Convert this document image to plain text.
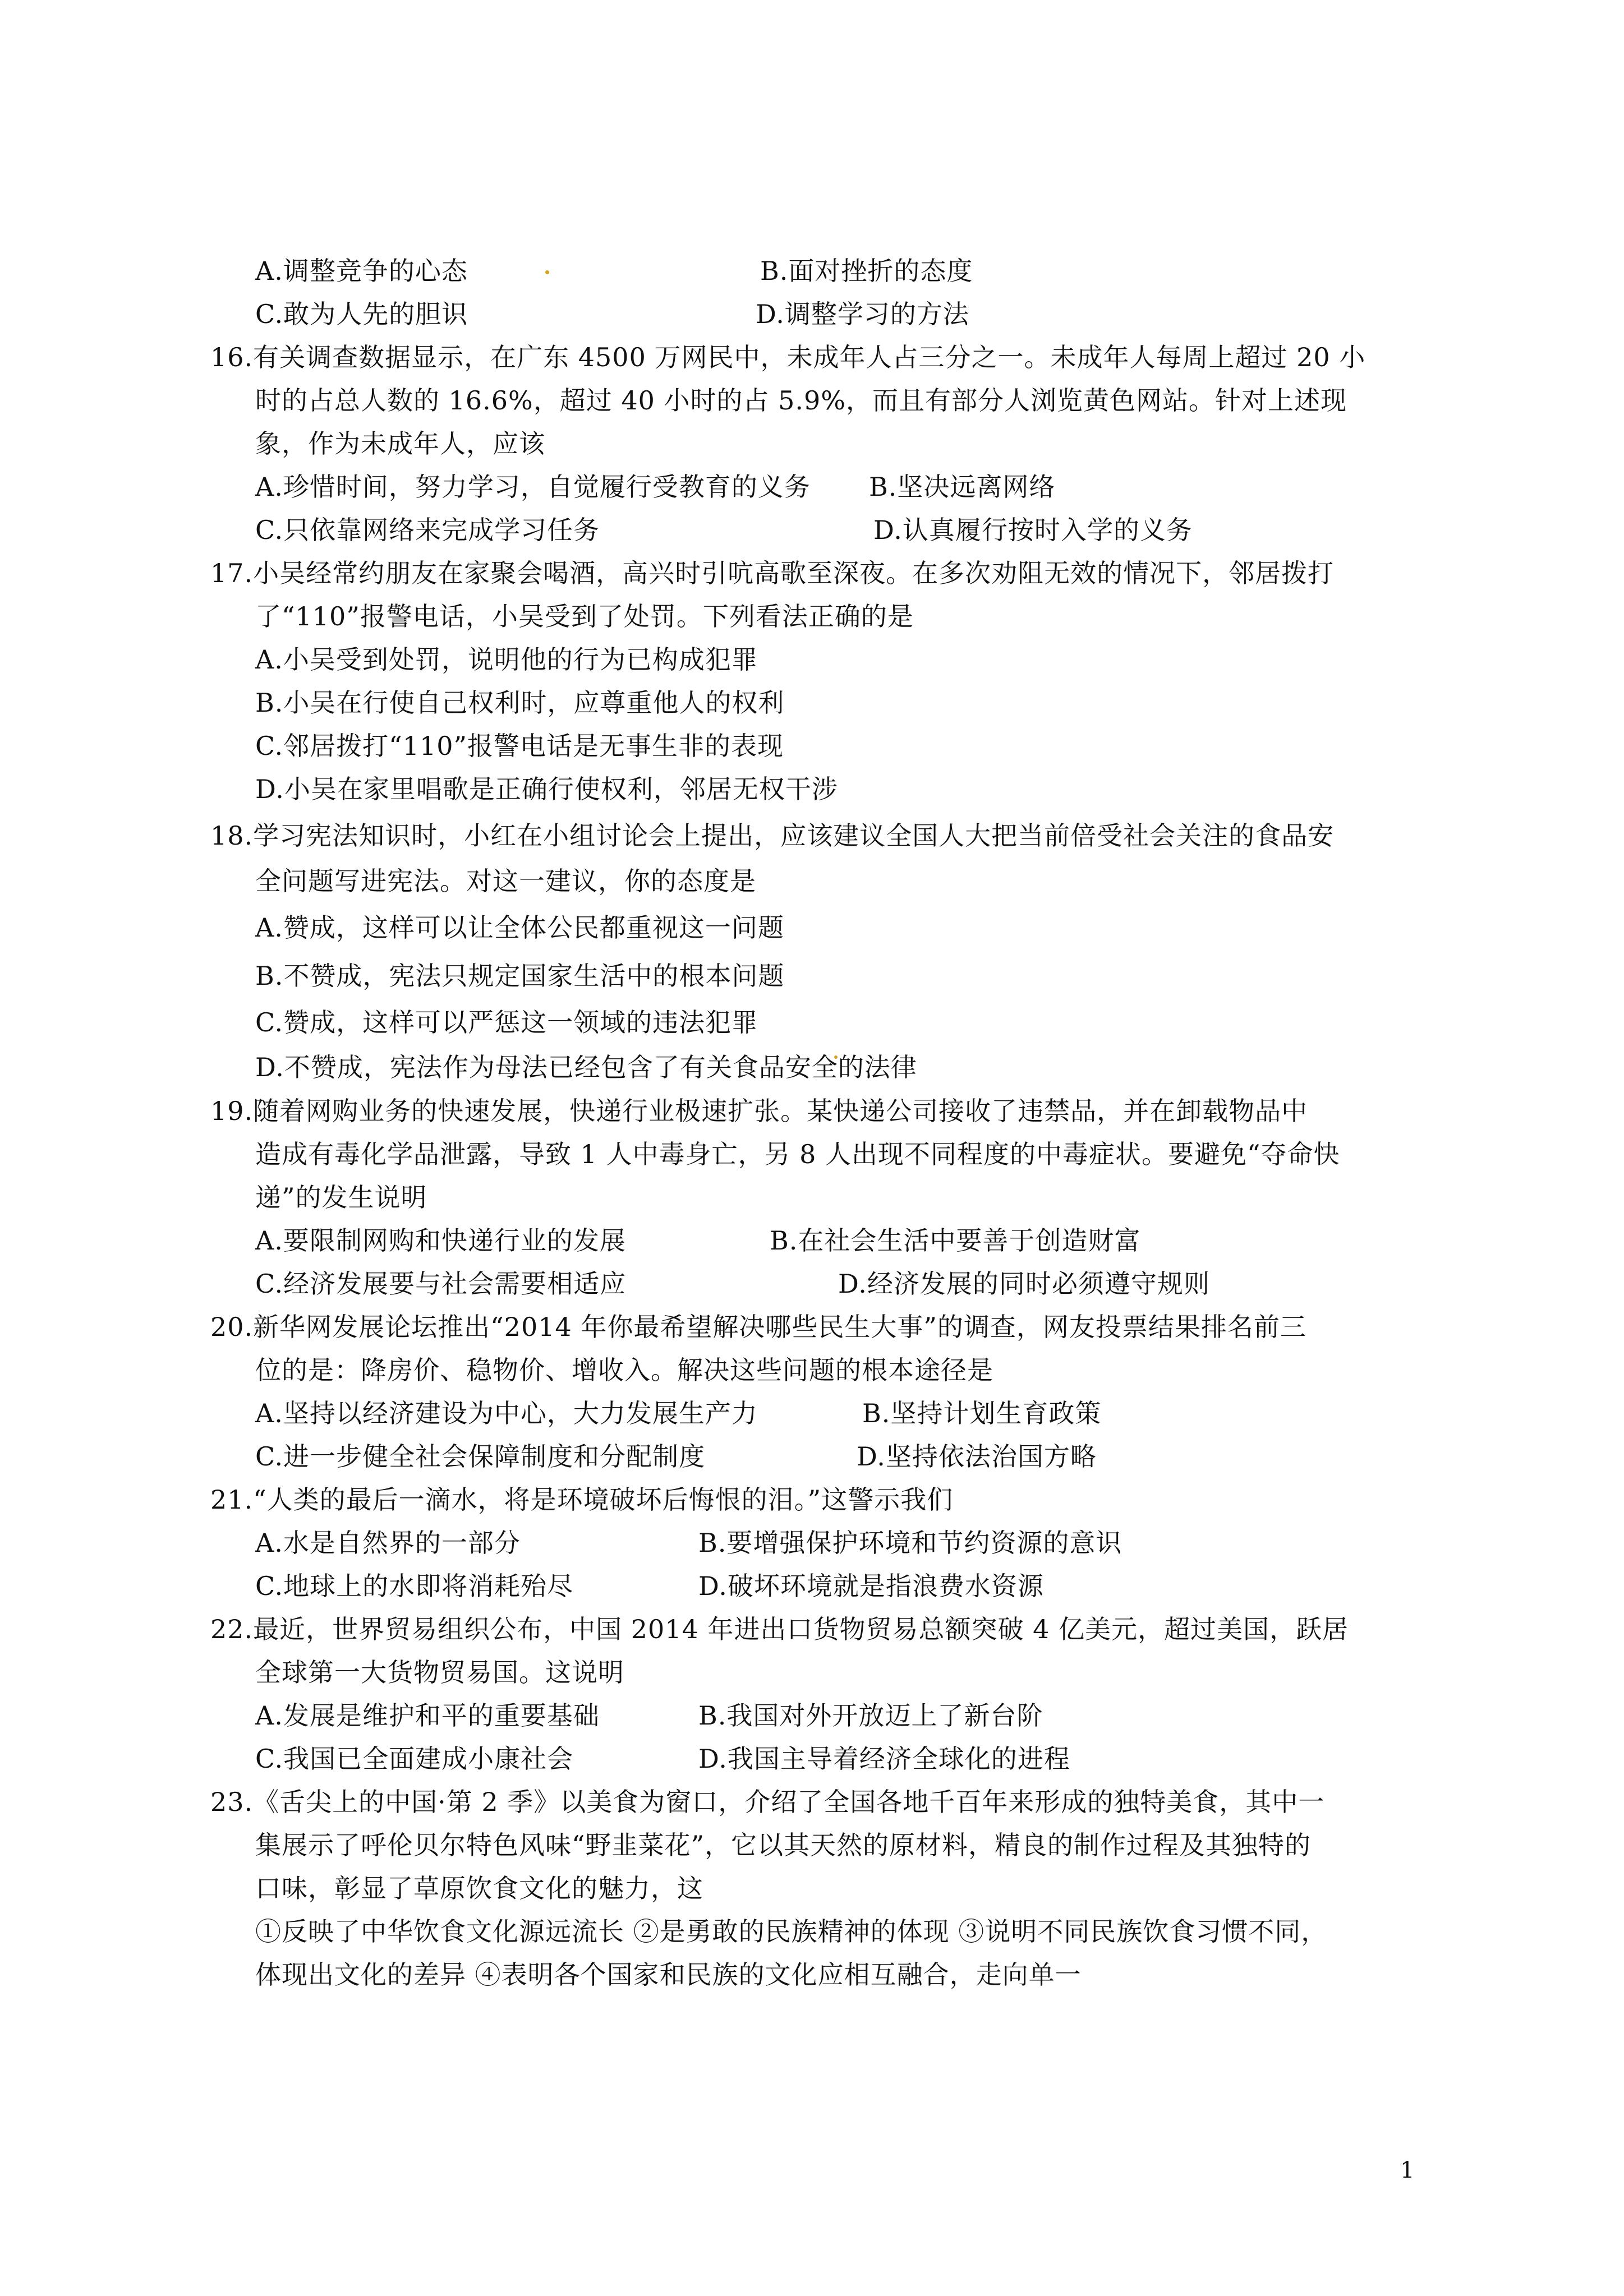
A.调整竞争的心态	B.面对挫折的态度
C.敢为人先的胆识	D.调整学习的方法
16.有关调查数据显示，在广东 4500 万网民中，未成年人占三分之一。未成年人每周上超过 20 小
时的占总人数的 16.6%，超过 40 小时的占 5.9%，而且有部分人浏览黄色网站。针对上述现
象，作为未成年人，应该
A.珍惜时间，努力学习，自觉履行受教育的义务 B.坚决远离网络
C.只依靠网络来完成学习任务	D.认真履行按时入学的义务
17.小吴经常约朋友在家聚会喝酒，高兴时引吭高歌至深夜。在多次劝阻无效的情况下，邻居拨打
了“110”报警电话，小吴受到了处罚。下列看法正确的是
A.小吴受到处罚，说明他的行为已构成犯罪
B.小吴在行使自己权利时，应尊重他人的权利
C.邻居拨打“110”报警电话是无事生非的表现
D.小吴在家里唱歌是正确行使权利，邻居无权干涉
18.学习宪法知识时，小红在小组讨论会上提出，应该建议全国人大把当前倍受社会关注的食品安
全问题写进宪法。对这一建议，你的态度是
A.赞成，这样可以让全体公民都重视这一问题
B.不赞成，宪法只规定国家生活中的根本问题
C.赞成，这样可以严惩这一领域的违法犯罪
D.不赞成，宪法作为母法已经包含了有关食品安全的法律
19.随着网购业务的快速发展，快递行业极速扩张。某快递公司接收了违禁品，并在卸载物品中
造成有毒化学品泄露，导致 1 人中毒身亡，另 8 人出现不同程度的中毒症状。要避免“夺命快
递”的发生说明
A.要限制网购和快递行业的发展	B.在社会生活中要善于创造财富
C.经济发展要与社会需要相适应	D.经济发展的同时必须遵守规则
20.新华网发展论坛推出“2014 年你最希望解决哪些民生大事”的调查，网友投票结果排名前三
位的是：降房价、稳物价、增收入。解决这些问题的根本途径是
A.坚持以经济建设为中心，大力发展生产力	B.坚持计划生育政策
C.进一步健全社会保障制度和分配制度	D.坚持依法治国方略
21.“人类的最后一滴水，将是环境破坏后悔恨的泪。”这警示我们
A.水是自然界的一部分	B.要增强保护环境和节约资源的意识
C.地球上的水即将消耗殆尽	D.破坏环境就是指浪费水资源
22.最近，世界贸易组织公布，中国 2014 年进出口货物贸易总额突破 4 亿美元，超过美国，跃居
全球第一大货物贸易国。这说明
A.发展是维护和平的重要基础	B.我国对外开放迈上了新台阶
C.我国已全面建成小康社会	D.我国主导着经济全球化的进程
23.《舌尖上的中国·第 2 季》以美食为窗口，介绍了全国各地千百年来形成的独特美食，其中一
集展示了呼伦贝尔特色风味“野韭菜花”，它以其天然的原材料，精良的制作过程及其独特的
口味，彰显了草原饮食文化的魅力，这
①反映了中华饮食文化源远流长 ②是勇敢的民族精神的体现 ③说明不同民族饮食习惯不同，
体现出文化的差异 ④表明各个国家和民族的文化应相互融合，走向单一
1
